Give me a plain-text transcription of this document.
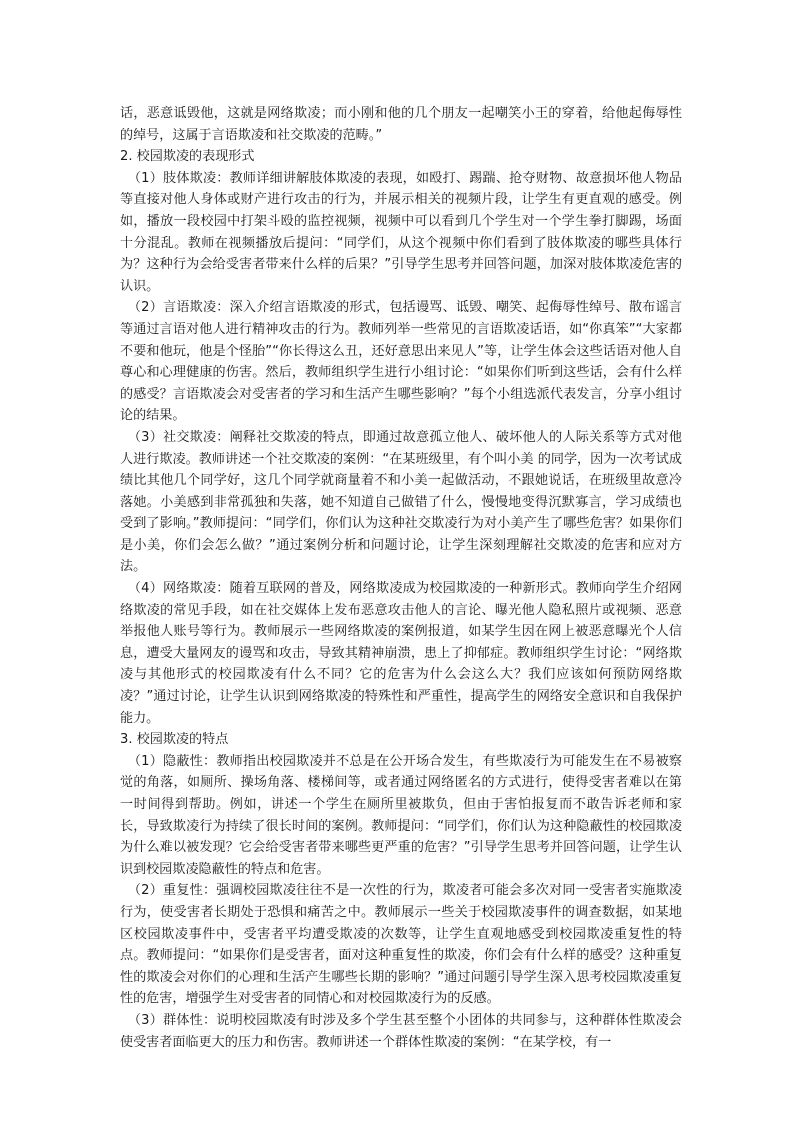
话，恶意诋毁他，这就是网络欺凌；而小刚和他的几个朋友一起嘲笑小王的穿着，给他起侮辱性的绰号，这属于言语欺凌和社交欺凌的范畴。”

2. 校园欺凌的表现形式

（1）肢体欺凌：教师详细讲解肢体欺凌的表现，如殴打、踢踹、抢夺财物、故意损坏他人物品等直接对他人身体或财产进行攻击的行为，并展示相关的视频片段，让学生有更直观的感受。例如，播放一段校园中打架斗殴的监控视频，视频中可以看到几个学生对一个学生拳打脚踢，场面十分混乱。教师在视频播放后提问：“同学们，从这个视频中你们看到了肢体欺凌的哪些具体行为？这种行为会给受害者带来什么样的后果？”引导学生思考并回答问题，加深对肢体欺凌危害的认识。

（2）言语欺凌：深入介绍言语欺凌的形式，包括谩骂、诋毁、嘲笑、起侮辱性绰号、散布谣言等通过言语对他人进行精神攻击的行为。教师列举一些常见的言语欺凌话语，如“你真笨”“大家都不要和他玩，他是个怪胎”“你长得这么丑，还好意思出来见人”等，让学生体会这些话语对他人自尊心和心理健康的伤害。然后，教师组织学生进行小组讨论：“如果你们听到这些话，会有什么样的感受？言语欺凌会对受害者的学习和生活产生哪些影响？”每个小组选派代表发言，分享小组讨论的结果。

（3）社交欺凌：阐释社交欺凌的特点，即通过故意孤立他人、破坏他人的人际关系等方式对他人进行欺凌。教师讲述一个社交欺凌的案例：“在某班级里，有个叫小美 的同学，因为一次考试成绩比其他几个同学好，这几个同学就商量着不和小美一起做活动，不跟她说话，在班级里故意冷落她。小美感到非常孤独和失落，她不知道自己做错了什么，慢慢地变得沉默寡言，学习成绩也受到了影响。”教师提问：“同学们，你们认为这种社交欺凌行为对小美产生了哪些危害？如果你们是小美，你们会怎么做？”通过案例分析和问题讨论，让学生深刻理解社交欺凌的危害和应对方法。

（4）网络欺凌：随着互联网的普及，网络欺凌成为校园欺凌的一种新形式。教师向学生介绍网络欺凌的常见手段，如在社交媒体上发布恶意攻击他人的言论、曝光他人隐私照片或视频、恶意举报他人账号等行为。教师展示一些网络欺凌的案例报道，如某学生因在网上被恶意曝光个人信息，遭受大量网友的谩骂和攻击，导致其精神崩溃，患上了抑郁症。教师组织学生讨论：“网络欺凌与其他形式的校园欺凌有什么不同？它的危害为什么会这么大？我们应该如何预防网络欺凌？”通过讨论，让学生认识到网络欺凌的特殊性和严重性，提高学生的网络安全意识和自我保护能力。

3. 校园欺凌的特点

（1）隐蔽性：教师指出校园欺凌并不总是在公开场合发生，有些欺凌行为可能发生在不易被察觉的角落，如厕所、操场角落、楼梯间等，或者通过网络匿名的方式进行，使得受害者难以在第一时间得到帮助。例如，讲述一个学生在厕所里被欺负，但由于害怕报复而不敢告诉老师和家长，导致欺凌行为持续了很长时间的案例。教师提问：“同学们，你们认为这种隐蔽性的校园欺凌为什么难以被发现？它会给受害者带来哪些更严重的危害？”引导学生思考并回答问题，让学生认识到校园欺凌隐蔽性的特点和危害。

（2）重复性：强调校园欺凌往往不是一次性的行为，欺凌者可能会多次对同一受害者实施欺凌行为，使受害者长期处于恐惧和痛苦之中。教师展示一些关于校园欺凌事件的调查数据，如某地区校园欺凌事件中，受害者平均遭受欺凌的次数等，让学生直观地感受到校园欺凌重复性的特点。教师提问：“如果你们是受害者，面对这种重复性的欺凌，你们会有什么样的感受？这种重复性的欺凌会对你们的心理和生活产生哪些长期的影响？”通过问题引导学生深入思考校园欺凌重复性的危害，增强学生对受害者的同情心和对校园欺凌行为的反感。

（3）群体性：说明校园欺凌有时涉及多个学生甚至整个小团体的共同参与，这种群体性欺凌会使受害者面临更大的压力和伤害。教师讲述一个群体性欺凌的案例：“在某学校，有一
